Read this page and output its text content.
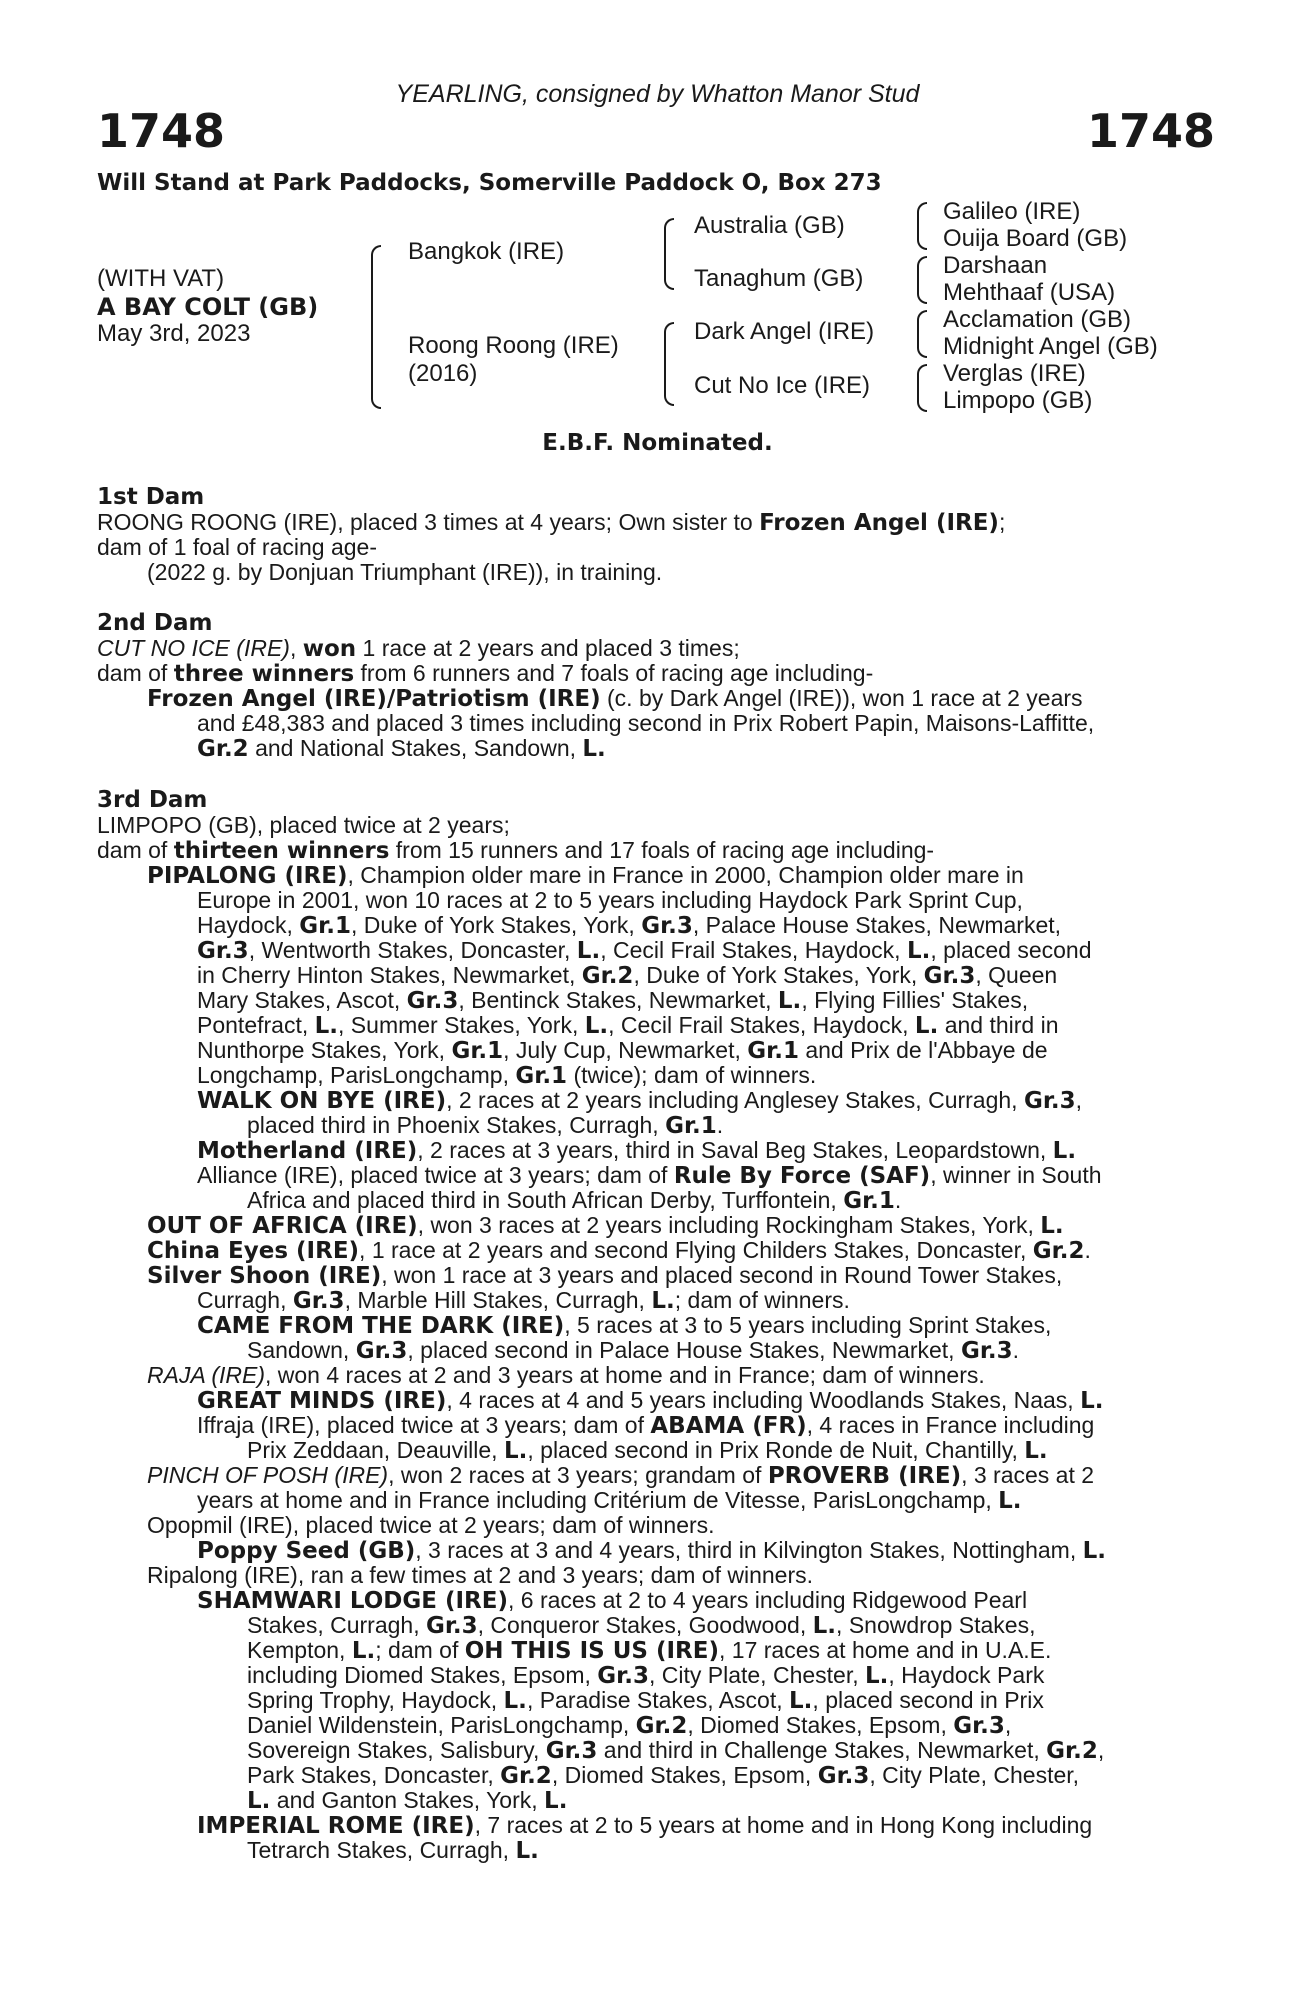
YEARLING, consigned by Whatton Manor Stud
1748	1748
Will Stand at Park Paddocks, Somerville Paddock O, Box 273
(WITH VAT)
A BAY COLT (GB)
May 3rd, 2023
Bangkok (IRE)
Roong Roong (IRE)
(2016)
Australia (GB)
Tanaghum (GB)
Dark Angel (IRE)
Cut No Ice (IRE)
Galileo (IRE)
Ouija Board (GB)
Darshaan
Mehthaaf (USA)
Acclamation (GB)
Midnight Angel (GB)
Verglas (IRE)
Limpopo (GB)
E.B.F. Nominated.
1st Dam
2nd Dam
3rd Dam
ROONG ROONG (IRE), placed 3 times at 4 years; Own sister to Frozen Angel (IRE);
dam of 1 foal of racing age-
(2022 g. by Donjuan Triumphant (IRE)), in training.
CUT NO ICE (IRE), won 1 race at 2 years and placed 3 times;
dam of three winners from 6 runners and 7 foals of racing age including-
Frozen Angel (IRE)/Patriotism (IRE) (c. by Dark Angel (IRE)), won 1 race at 2 years
and £48,383 and placed 3 times including second in Prix Robert Papin, Maisons-Laffitte,
Gr.2 and National Stakes, Sandown, L.
LIMPOPO (GB), placed twice at 2 years;
dam of thirteen winners from 15 runners and 17 foals of racing age including-
PIPALONG (IRE), Champion older mare in France in 2000, Champion older mare in
Europe in 2001, won 10 races at 2 to 5 years including Haydock Park Sprint Cup,
Haydock, Gr.1, Duke of York Stakes, York, Gr.3, Palace House Stakes, Newmarket,
Gr.3, Wentworth Stakes, Doncaster, L., Cecil Frail Stakes, Haydock, L., placed second
in Cherry Hinton Stakes, Newmarket, Gr.2, Duke of York Stakes, York, Gr.3, Queen
Mary Stakes, Ascot, Gr.3, Bentinck Stakes, Newmarket, L., Flying Fillies' Stakes,
Pontefract, L., Summer Stakes, York, L., Cecil Frail Stakes, Haydock, L. and third in
Nunthorpe Stakes, York, Gr.1, July Cup, Newmarket, Gr.1 and Prix de l'Abbaye de
Longchamp, ParisLongchamp, Gr.1 (twice); dam of winners.
WALK ON BYE (IRE), 2 races at 2 years including Anglesey Stakes, Curragh, Gr.3,
placed third in Phoenix Stakes, Curragh, Gr.1.
Motherland (IRE), 2 races at 3 years, third in Saval Beg Stakes, Leopardstown, L.
Alliance (IRE), placed twice at 3 years; dam of Rule By Force (SAF), winner in South
Africa and placed third in South African Derby, Turffontein, Gr.1.
OUT OF AFRICA (IRE), won 3 races at 2 years including Rockingham Stakes, York, L.
China Eyes (IRE), 1 race at 2 years and second Flying Childers Stakes, Doncaster, Gr.2.
Silver Shoon (IRE), won 1 race at 3 years and placed second in Round Tower Stakes,
Curragh, Gr.3, Marble Hill Stakes, Curragh, L.; dam of winners.
CAME FROM THE DARK (IRE), 5 races at 3 to 5 years including Sprint Stakes,
Sandown, Gr.3, placed second in Palace House Stakes, Newmarket, Gr.3.
RAJA (IRE), won 4 races at 2 and 3 years at home and in France; dam of winners.
GREAT MINDS (IRE), 4 races at 4 and 5 years including Woodlands Stakes, Naas, L.
Iffraja (IRE), placed twice at 3 years; dam of ABAMA (FR), 4 races in France including
Prix Zeddaan, Deauville, L., placed second in Prix Ronde de Nuit, Chantilly, L.
PINCH OF POSH (IRE), won 2 races at 3 years; grandam of PROVERB (IRE), 3 races at 2
years at home and in France including Critérium de Vitesse, ParisLongchamp, L.
Opopmil (IRE), placed twice at 2 years; dam of winners.
Poppy Seed (GB), 3 races at 3 and 4 years, third in Kilvington Stakes, Nottingham, L.
Ripalong (IRE), ran a few times at 2 and 3 years; dam of winners.
SHAMWARI LODGE (IRE), 6 races at 2 to 4 years including Ridgewood Pearl
Stakes, Curragh, Gr.3, Conqueror Stakes, Goodwood, L., Snowdrop Stakes,
Kempton, L.; dam of OH THIS IS US (IRE), 17 races at home and in U.A.E.
including Diomed Stakes, Epsom, Gr.3, City Plate, Chester, L., Haydock Park
Spring Trophy, Haydock, L., Paradise Stakes, Ascot, L., placed second in Prix
Daniel Wildenstein, ParisLongchamp, Gr.2, Diomed Stakes, Epsom, Gr.3,
Sovereign Stakes, Salisbury, Gr.3 and third in Challenge Stakes, Newmarket, Gr.2,
Park Stakes, Doncaster, Gr.2, Diomed Stakes, Epsom, Gr.3, City Plate, Chester,
L. and Ganton Stakes, York, L.
IMPERIAL ROME (IRE), 7 races at 2 to 5 years at home and in Hong Kong including
Tetrarch Stakes, Curragh, L.
